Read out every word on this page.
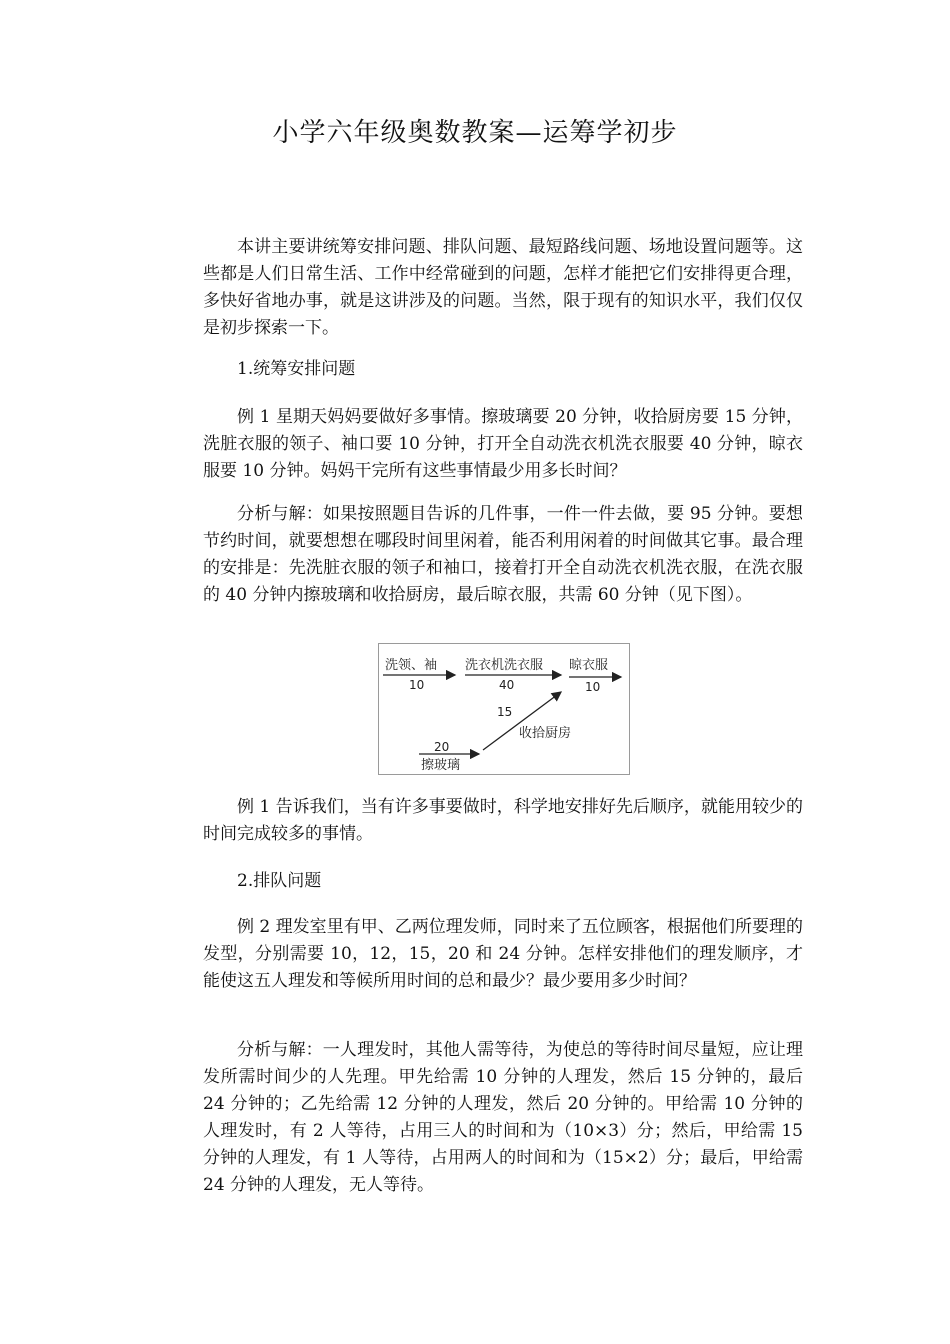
小学六年级奥数教案—运筹学初步

本讲主要讲统筹安排问题、排队问题、最短路线问题、场地设置问题等。这些都是人们日常生活、工作中经常碰到的问题，怎样才能把它们安排得更合理，多快好省地办事，就是这讲涉及的问题。当然，限于现有的知识水平，我们仅仅是初步探索一下。

1.统筹安排问题

例 1 星期天妈妈要做好多事情。擦玻璃要 20 分钟，收拾厨房要 15 分钟，洗脏衣服的领子、袖口要 10 分钟，打开全自动洗衣机洗衣服要 40 分钟，晾衣服要 10 分钟。妈妈干完所有这些事情最少用多长时间？

分析与解：如果按照题目告诉的几件事，一件一件去做，要 95 分钟。要想节约时间，就要想想在哪段时间里闲着，能否利用闲着的时间做其它事。最合理的安排是：先洗脏衣服的领子和袖口，接着打开全自动洗衣机洗衣服，在洗衣服的 40 分钟内擦玻璃和收拾厨房，最后晾衣服，共需 60 分钟（见下图）。

洗领、袖
10
洗衣机洗衣服
40
晾衣服
10
20
擦玻璃
15
收拾厨房

例 1 告诉我们，当有许多事要做时，科学地安排好先后顺序，就能用较少的时间完成较多的事情。

2.排队问题

例 2 理发室里有甲、乙两位理发师，同时来了五位顾客，根据他们所要理的发型，分别需要 10，12，15，20 和 24 分钟。怎样安排他们的理发顺序，才能使这五人理发和等候所用时间的总和最少？最少要用多少时间？

分析与解：一人理发时，其他人需等待，为使总的等待时间尽量短，应让理发所需时间少的人先理。甲先给需 10 分钟的人理发，然后 15 分钟的，最后 24 分钟的；乙先给需 12 分钟的人理发，然后 20 分钟的。甲给需 10 分钟的人理发时，有 2 人等待，占用三人的时间和为（10×3）分；然后，甲给需 15 分钟的人理发，有 1 人等待，占用两人的时间和为（15×2）分；最后，甲给需 24 分钟的人理发，无人等待。
